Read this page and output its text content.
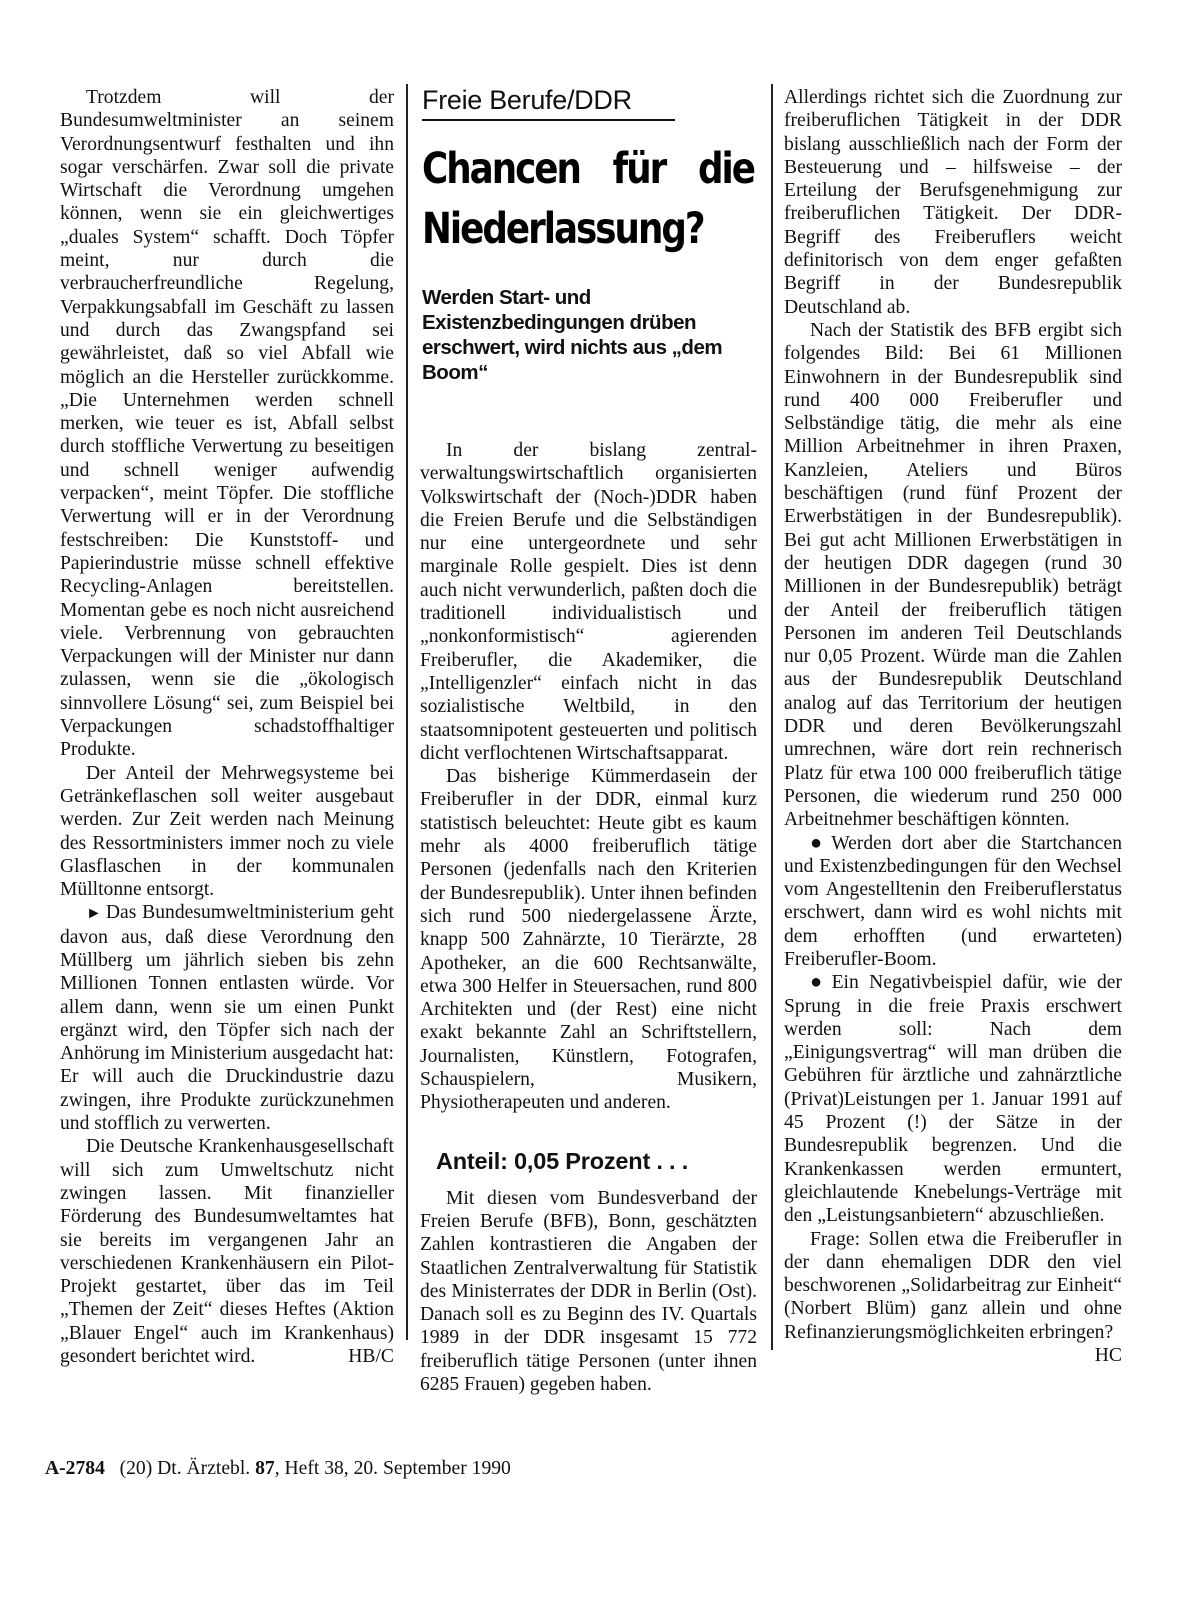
Trotzdem will der Bundesumweltminister an seinem Verordnungsentwurf festhalten und ihn sogar verschärfen. Zwar soll die private Wirtschaft die Verordnung umgehen können, wenn sie ein gleichwertiges „duales System“ schafft. Doch Töpfer meint, nur durch die verbraucherfreundliche Regelung, Verpakkungsabfall im Geschäft zu lassen und durch das Zwangspfand sei gewährleistet, daß so viel Abfall wie möglich an die Hersteller zurückkomme. „Die Unternehmen werden schnell merken, wie teuer es ist, Abfall selbst durch stoffliche Verwertung zu beseitigen und schnell weniger aufwendig verpacken“, meint Töpfer. Die stoffliche Verwertung will er in der Verordnung festschreiben: Die Kunststoff- und Papierindustrie müsse schnell effektive Recycling-Anlagen bereitstellen. Momentan gebe es noch nicht ausreichend viele. Verbrennung von gebrauchten Verpackungen will der Minister nur dann zulassen, wenn sie die „ökologisch sinnvollere Lösung“ sei, zum Beispiel bei Verpackungen schadstoffhaltiger Produkte.

Der Anteil der Mehrwegsysteme bei Getränkeflaschen soll weiter ausgebaut werden. Zur Zeit werden nach Meinung des Ressortministers immer noch zu viele Glasflaschen in der kommunalen Mülltonne entsorgt.

► Das Bundesumweltministerium geht davon aus, daß diese Verordnung den Müllberg um jährlich sieben bis zehn Millionen Tonnen entlasten würde. Vor allem dann, wenn sie um einen Punkt ergänzt wird, den Töpfer sich nach der Anhörung im Ministerium ausgedacht hat: Er will auch die Druckindustrie dazu zwingen, ihre Produkte zurückzunehmen und stofflich zu verwerten.

Die Deutsche Krankenhausgesellschaft will sich zum Umweltschutz nicht zwingen lassen. Mit finanzieller Förderung des Bundesumweltamtes hat sie bereits im vergangenen Jahr an verschiedenen Krankenhäusern ein Pilot-Projekt gestartet, über das im Teil „Themen der Zeit“ dieses Heftes (Aktion „Blauer Engel“ auch im Krankenhaus) gesondert berichtet wird.	HB/C

Freie Berufe/DDR
Chancen für die Niederlassung?
Werden Start- und Existenzbedingungen drüben erschwert, wird nichts aus „dem Boom“

In der bislang zentral-verwaltungswirtschaftlich organisierten Volkswirtschaft der (Noch-)DDR haben die Freien Berufe und die Selbständigen nur eine untergeordnete und sehr marginale Rolle gespielt. Dies ist denn auch nicht verwunderlich, paßten doch die traditionell individualistisch und „nonkonformistisch“ agierenden Freiberufler, die Akademiker, die „Intelligenzler“ einfach nicht in das sozialistische Weltbild, in den staatsomnipotent gesteuerten und politisch dicht verflochtenen Wirtschaftsapparat.

Das bisherige Kümmerdasein der Freiberufler in der DDR, einmal kurz statistisch beleuchtet: Heute gibt es kaum mehr als 4000 freiberuflich tätige Personen (jedenfalls nach den Kriterien der Bundesrepublik). Unter ihnen befinden sich rund 500 niedergelassene Ärzte, knapp 500 Zahnärzte, 10 Tierärzte, 28 Apotheker, an die 600 Rechtsanwälte, etwa 300 Helfer in Steuersachen, rund 800 Architekten und (der Rest) eine nicht exakt bekannte Zahl an Schriftstellern, Journalisten, Künstlern, Fotografen, Schauspielern, Musikern, Physiotherapeuten und anderen.

Anteil: 0,05 Prozent . . .

Mit diesen vom Bundesverband der Freien Berufe (BFB), Bonn, geschätzten Zahlen kontrastieren die Angaben der Staatlichen Zentralverwaltung für Statistik des Ministerrates der DDR in Berlin (Ost). Danach soll es zu Beginn des IV. Quartals 1989 in der DDR insgesamt 15 772 freiberuflich tätige Personen (unter ihnen 6285 Frauen) gegeben haben.

Allerdings richtet sich die Zuordnung zur freiberuflichen Tätigkeit in der DDR bislang ausschließlich nach der Form der Besteuerung und – hilfsweise – der Erteilung der Berufsgenehmigung zur freiberuflichen Tätigkeit. Der DDR-Begriff des Freiberuflers weicht definitorisch von dem enger gefaßten Begriff in der Bundesrepublik Deutschland ab.

Nach der Statistik des BFB ergibt sich folgendes Bild: Bei 61 Millionen Einwohnern in der Bundesrepublik sind rund 400 000 Freiberufler und Selbständige tätig, die mehr als eine Million Arbeitnehmer in ihren Praxen, Kanzleien, Ateliers und Büros beschäftigen (rund fünf Prozent der Erwerbstätigen in der Bundesrepublik). Bei gut acht Millionen Erwerbstätigen in der heutigen DDR dagegen (rund 30 Millionen in der Bundesrepublik) beträgt der Anteil der freiberuflich tätigen Personen im anderen Teil Deutschlands nur 0,05 Prozent. Würde man die Zahlen aus der Bundesrepublik Deutschland analog auf das Territorium der heutigen DDR und deren Bevölkerungszahl umrechnen, wäre dort rein rechnerisch Platz für etwa 100 000 freiberuflich tätige Personen, die wiederum rund 250 000 Arbeitnehmer beschäftigen könnten.

● Werden dort aber die Startchancen und Existenzbedingungen für den Wechsel vom Angestelltenin den Freiberuflerstatus erschwert, dann wird es wohl nichts mit dem erhofften (und erwarteten) Freiberufler-Boom.

● Ein Negativbeispiel dafür, wie der Sprung in die freie Praxis erschwert werden soll: Nach dem „Einigungsvertrag“ will man drüben die Gebühren für ärztliche und zahnärztliche (Privat)Leistungen per 1. Januar 1991 auf 45 Prozent (!) der Sätze in der Bundesrepublik begrenzen. Und die Krankenkassen werden ermuntert, gleichlautende Knebelungs-Verträge mit den „Leistungsanbietern“ abzuschließen.

Frage: Sollen etwa die Freiberufler in der dann ehemaligen DDR den viel beschworenen „Solidarbeitrag zur Einheit“ (Norbert Blüm) ganz allein und ohne Refinanzierungsmöglichkeiten erbringen?
HC

A-2784 (20) Dt. Ärztebl. 87, Heft 38, 20. September 1990
